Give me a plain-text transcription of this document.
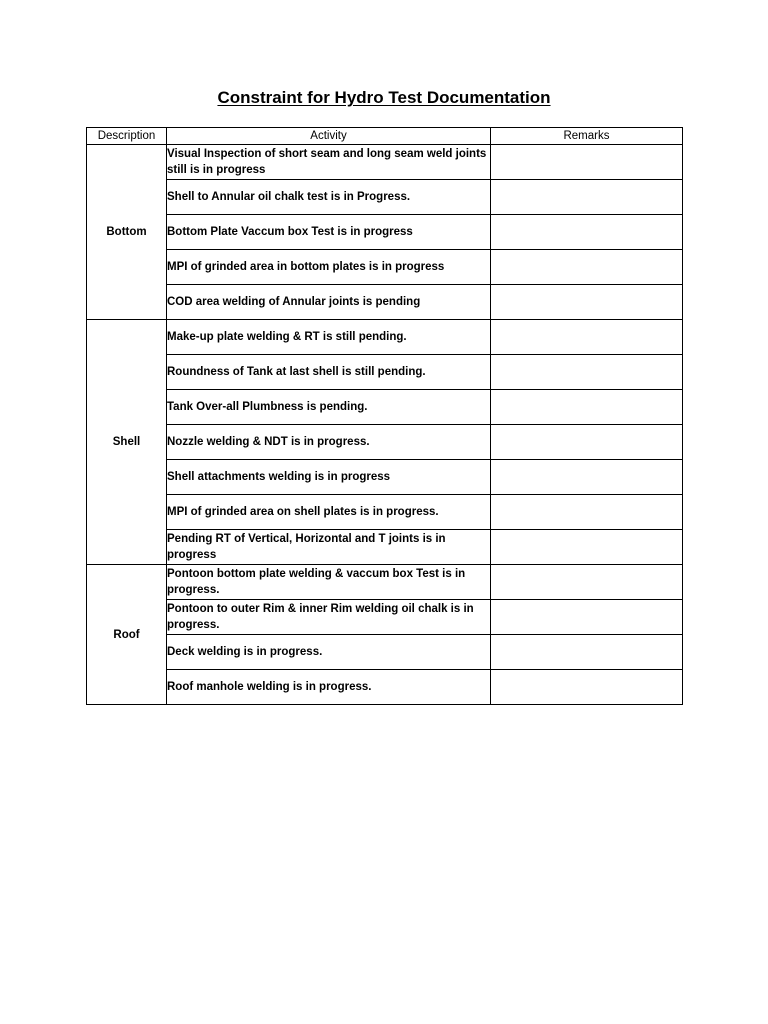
Constraint for Hydro Test Documentation
Description	Activity	Remarks
Bottom	Visual Inspection of short seam and long seam weld joints still is in progress	
	Shell to Annular oil chalk test is in Progress.	
	Bottom Plate Vaccum box Test is in progress	
	MPI of grinded area in bottom plates is in progress	
	COD area welding of Annular joints is pending	
Shell	Make-up plate welding & RT is still pending.	
	Roundness of Tank at last shell is still pending.	
	Tank Over-all Plumbness is pending.	
	Nozzle welding & NDT is in progress.	
	Shell attachments welding is in progress	
	MPI of grinded area on shell plates is in progress.	
	Pending RT of Vertical, Horizontal and T joints is in progress	
Roof	Pontoon bottom plate welding & vaccum box Test is in progress.	
	Pontoon to outer Rim & inner Rim welding oil chalk is in progress.	
	Deck welding is in progress.	
	Roof manhole welding is in progress.	
